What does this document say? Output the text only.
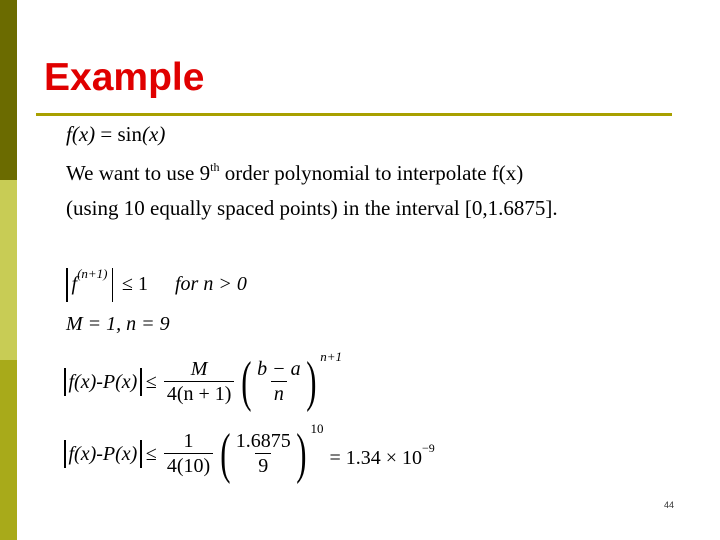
Example
f(x) = sin(x)
We want to use 9th order polynomial to interpolate f(x)
(using 10 equally spaced points) in the interval [0,1.6875].
$f^{(n+1)} \le 1$ for n > 0
M = 1, n = 9
$f(x)-P(x) \le \frac{M}{4(n + 1)}$ ( $\frac{b - a}{n}$ ) n+1
$f(x)-P(x) \le \frac{1}{4(10)}$ ( $\frac{1.6875}{9}$ ) 10
= 1.34 × 10 −9
44
